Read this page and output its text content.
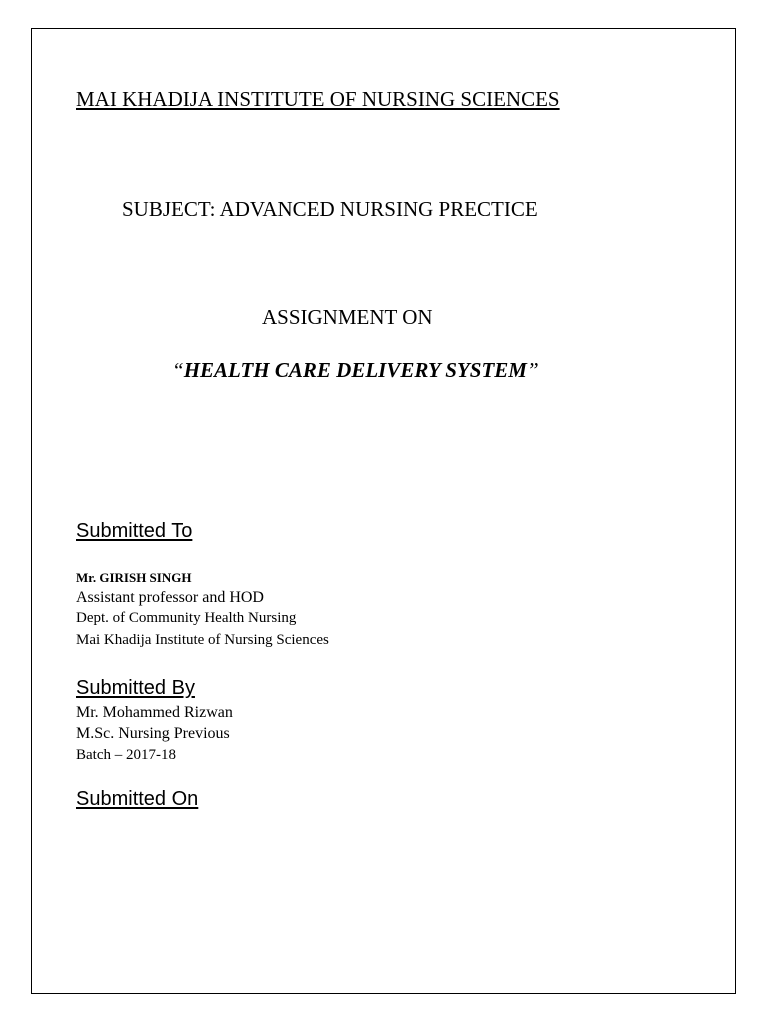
MAI KHADIJA INSTITUTE OF NURSING SCIENCES
SUBJECT: ADVANCED NURSING PRECTICE
ASSIGNMENT ON
“HEALTH CARE DELIVERY SYSTEM”
Submitted To
Mr. GIRISH SINGH
Assistant professor and HOD
Dept. of Community Health Nursing
Mai Khadija Institute of Nursing Sciences
Submitted By
Mr. Mohammed Rizwan
M.Sc. Nursing Previous
Batch – 2017-18
Submitted On
